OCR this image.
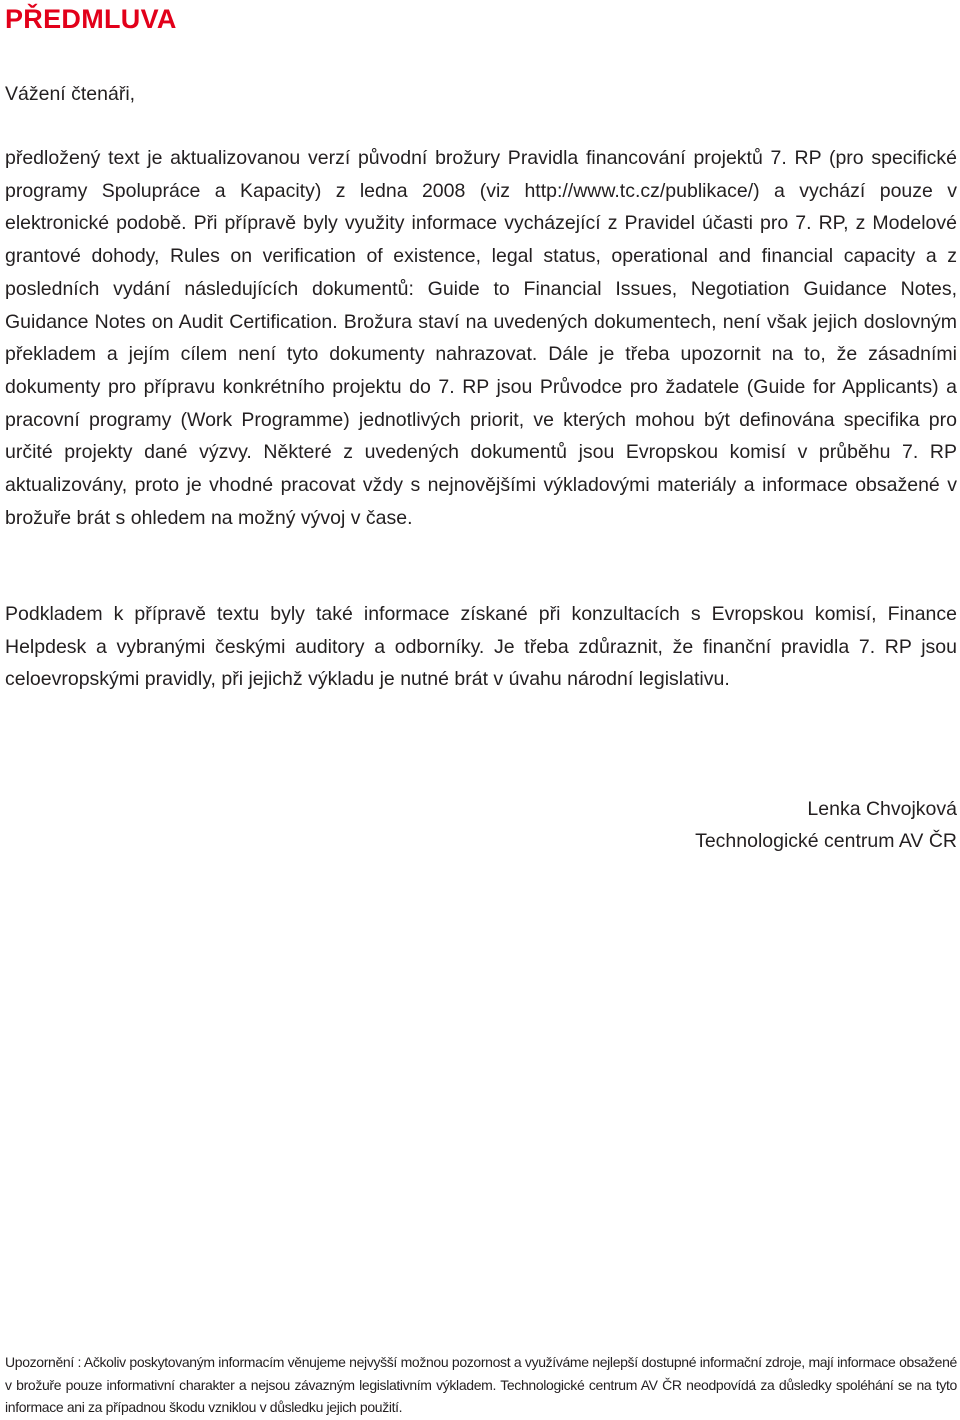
PŘEDMLUVA

Vážení čtenáři,

předložený text je aktualizovanou verzí původní brožury Pravidla financování projektů 7. RP (pro specifické programy Spolupráce a Kapacity) z ledna 2008 (viz http://www.tc.cz/publikace/) a vychází pouze v elektronické podobě. Při přípravě byly využity informace vycházející z Pravidel účasti pro 7. RP, z Modelové grantové dohody, Rules on verification of existence, legal status, operational and financial capacity a z posledních vydání následujících dokumentů: Guide to Financial Issues, Negotiation Guidance Notes, Guidance Notes on Audit Certification. Brožura staví na uvedených dokumentech, není však jejich doslovným překladem a jejím cílem není tyto dokumenty nahrazovat. Dále je třeba upozornit na to, že zásadními dokumenty pro přípravu konkrétního projektu do 7. RP jsou Průvodce pro žadatele (Guide for Applicants) a pracovní programy (Work Programme) jednotlivých priorit, ve kterých mohou být definována specifika pro určité projekty dané výzvy. Některé z uvedených dokumentů jsou Evropskou komisí v průběhu 7. RP aktualizovány, proto je vhodné pracovat vždy s nejnovějšími výkladovými materiály a informace obsažené v brožuře brát s ohledem na možný vývoj v čase.

Podkladem k přípravě textu byly také informace získané při konzultacích s Evropskou komisí, Finance Helpdesk a vybranými českými auditory a odborníky. Je třeba zdůraznit, že finanční pravidla 7. RP jsou celoevropskými pravidly, při jejichž výkladu je nutné brát v úvahu národní legislativu.

Lenka Chvojková
Technologické centrum AV ČR

Upozornění : Ačkoliv poskytovaným informacím věnujeme nejvyšší možnou pozornost a využíváme nejlepší dostupné informační zdroje, mají informace obsažené v brožuře pouze informativní charakter a nejsou závazným legislativním výkladem. Technologické centrum AV ČR neodpovídá za důsledky spoléhání se na tyto informace ani za případnou škodu vzniklou v důsledku jejich použití.
